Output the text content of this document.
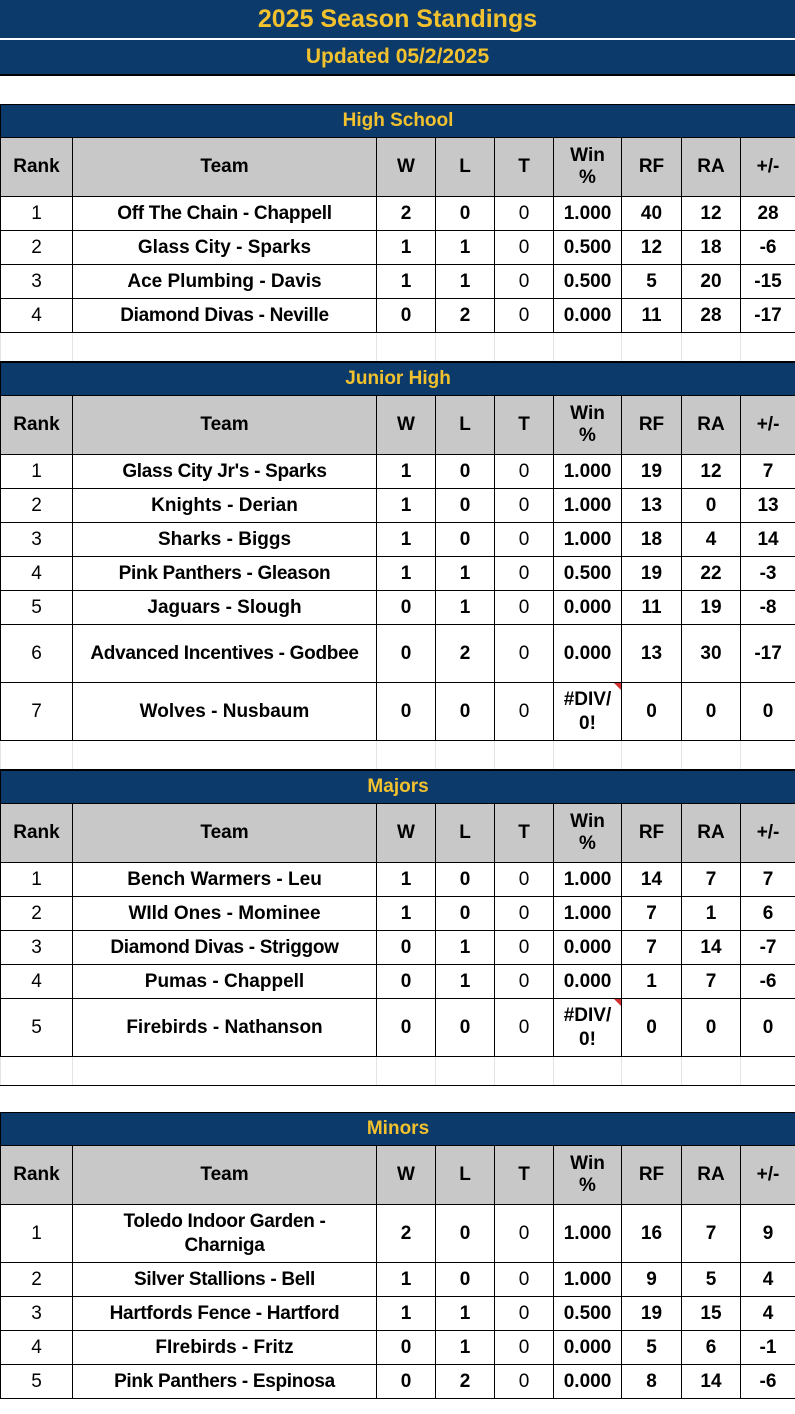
2025 Season Standings
Updated 05/2/2025
High School								
Rank	Team	W	L	T	Win %	RF	RA	+/-
1	Off The Chain - Chappell	2	0	0	1.000	40	12	28
2	Glass City - Sparks	1	1	0	0.500	12	18	-6
3	Ace Plumbing - Davis	1	1	0	0.500	5	20	-15
4	Diamond Divas - Neville	0	2	0	0.000	11	28	-17

Junior High								
Rank	Team	W	L	T	Win %	RF	RA	+/-
1	Glass City Jr's - Sparks	1	0	0	1.000	19	12	7
2	Knights - Derian	1	0	0	1.000	13	0	13
3	Sharks - Biggs	1	0	0	1.000	18	4	14
4	Pink Panthers - Gleason	1	1	0	0.500	19	22	-3
5	Jaguars - Slough	0	1	0	0.000	11	19	-8
6	Advanced Incentives - Godbee	0	2	0	0.000	13	30	-17
7	Wolves - Nusbaum	0	0	0	#DIV/0!	0	0	0

Majors								
Rank	Team	W	L	T	Win %	RF	RA	+/-
1	Bench Warmers - Leu	1	0	0	1.000	14	7	7
2	WIld Ones - Mominee	1	0	0	1.000	7	1	6
3	Diamond Divas - Striggow	0	1	0	0.000	7	14	-7
4	Pumas - Chappell	0	1	0	0.000	1	7	-6
5	Firebirds - Nathanson	0	0	0	#DIV/0!	0	0	0

Minors								
Rank	Team	W	L	T	Win %	RF	RA	+/-
1	Toledo Indoor Garden - Charniga	2	0	0	1.000	16	7	9
2	Silver Stallions - Bell	1	0	0	1.000	9	5	4
3	Hartfords Fence - Hartford	1	1	0	0.500	19	15	4
4	FIrebirds - Fritz	0	1	0	0.000	5	6	-1
5	Pink Panthers - Espinosa	0	2	0	0.000	8	14	-6
